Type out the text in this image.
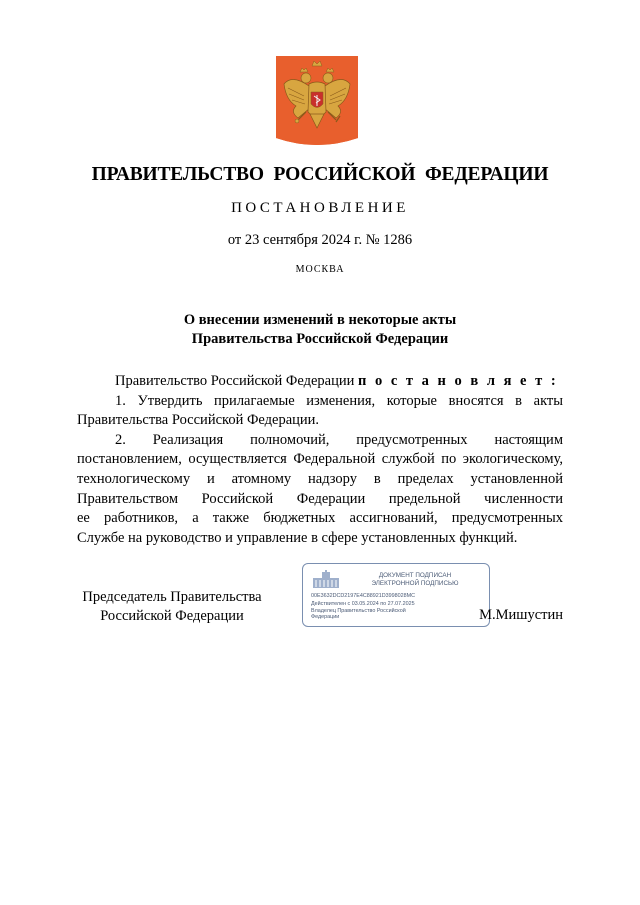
ПРАВИТЕЛЬСТВО РОССИЙСКОЙ ФЕДЕРАЦИИ
ПОСТАНОВЛЕНИЕ
от 23 сентября 2024 г. № 1286
МОСКВА
О внесении изменений в некоторые акты
Правительства Российской Федерации
Правительство Российской Федерации п о с т а н о в л я е т :
1. Утвердить прилагаемые изменения, которые вносятся в акты
Правительства Российской Федерации.
2. Реализация полномочий, предусмотренных настоящим
постановлением, осуществляется Федеральной службой по экологическому,
технологическому и атомному надзору в пределах установленной
Правительством Российской Федерации предельной численности
ее работников, а также бюджетных ассигнований, предусмотренных
Службе на руководство и управление в сфере установленных функций.
Председатель Правительства
Российской Федерации
ДОКУМЕНТ ПОДПИСАН
ЭЛЕКТРОННОЙ ПОДПИСЬЮ
00E3632DCD2197E4C88921D3998028MC
Действителен с 03.05.2024 по 27.07.2025
Владелец Правительство Российской
Федерации	М.Мишустин
